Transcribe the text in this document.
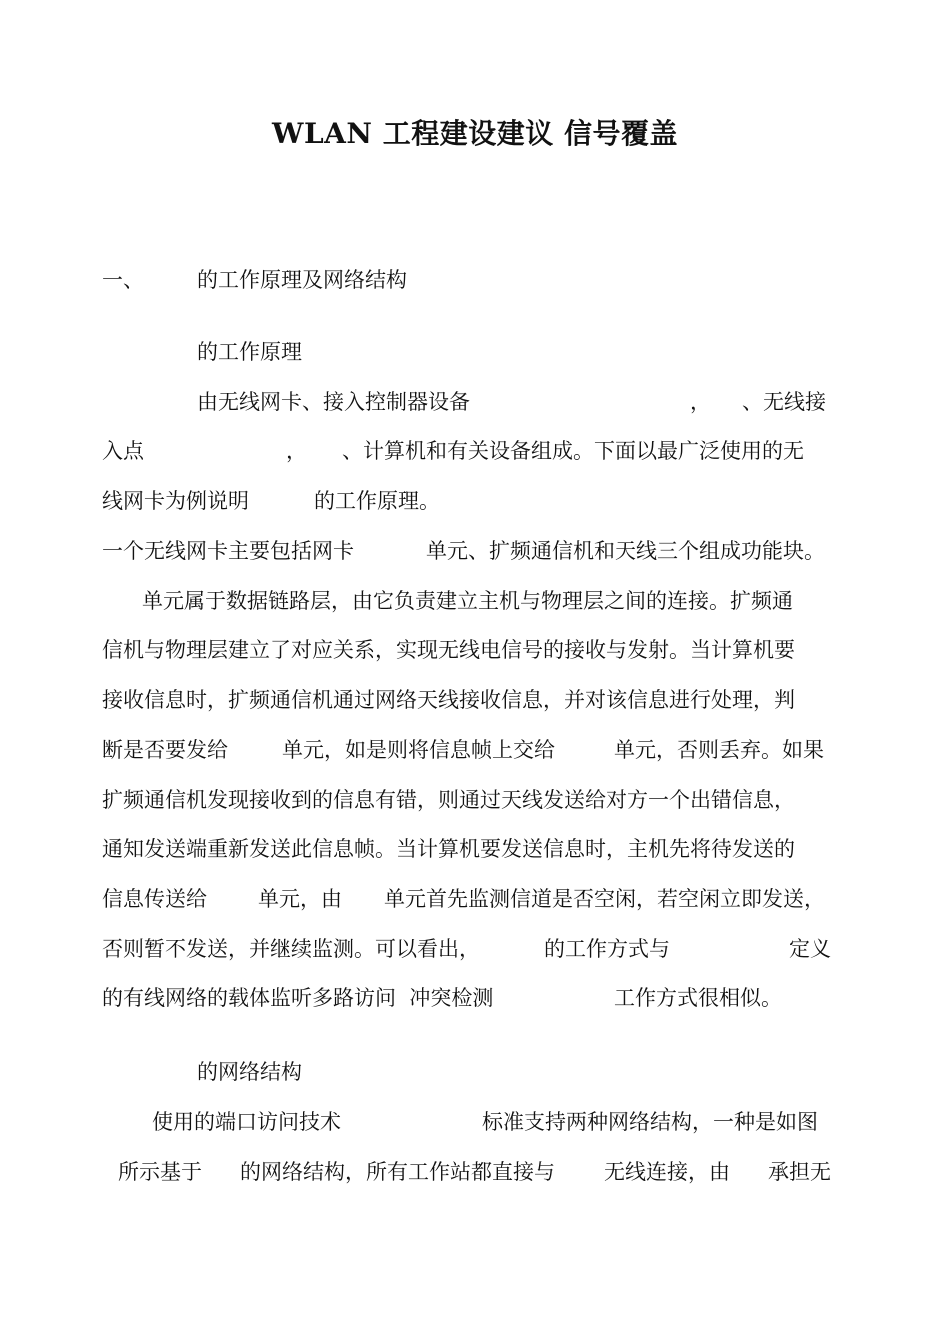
WLAN 工程建设建议 信号覆盖

一、

	的工作原理及网络结构

的工作原理

由无线网卡、接入控制器设备

	，

、无线接

入点

	，

、计算机和有关设备组成。下面以最广泛使用的无

线网卡为例说明

	的工作原理。

一个无线网卡主要包括网卡

	单元、扩频通信机和天线三个组成功能块。

单元属于数据链路层，由它负责建立主机与物理层之间的连接。扩频通

信机与物理层建立了对应关系，实现无线电信号的接收与发射。当计算机要

接收信息时，扩频通信机通过网络天线接收信息，并对该信息进行处理，判

断是否要发给

	单元，如是则将信息帧上交给

	单元，否则丢弃。如果

扩频通信机发现接收到的信息有错，则通过天线发送给对方一个出错信息，

通知发送端重新发送此信息帧。当计算机要发送信息时，主机先将待发送的

信息传送给

单元，由

单元首先监测信道是否空闲，若空闲立即发送，

否则暂不发送，并继续监测。可以看出，

	的工作方式与

	定义

的有线网络的载体监听多路访问  冲突检测

	工作方式很相似。

的网络结构

使用的端口访问技术

	标准支持两种网络结构，一种是如图

所示基于

的网络结构，所有工作站都直接与

无线连接，由

承担无
